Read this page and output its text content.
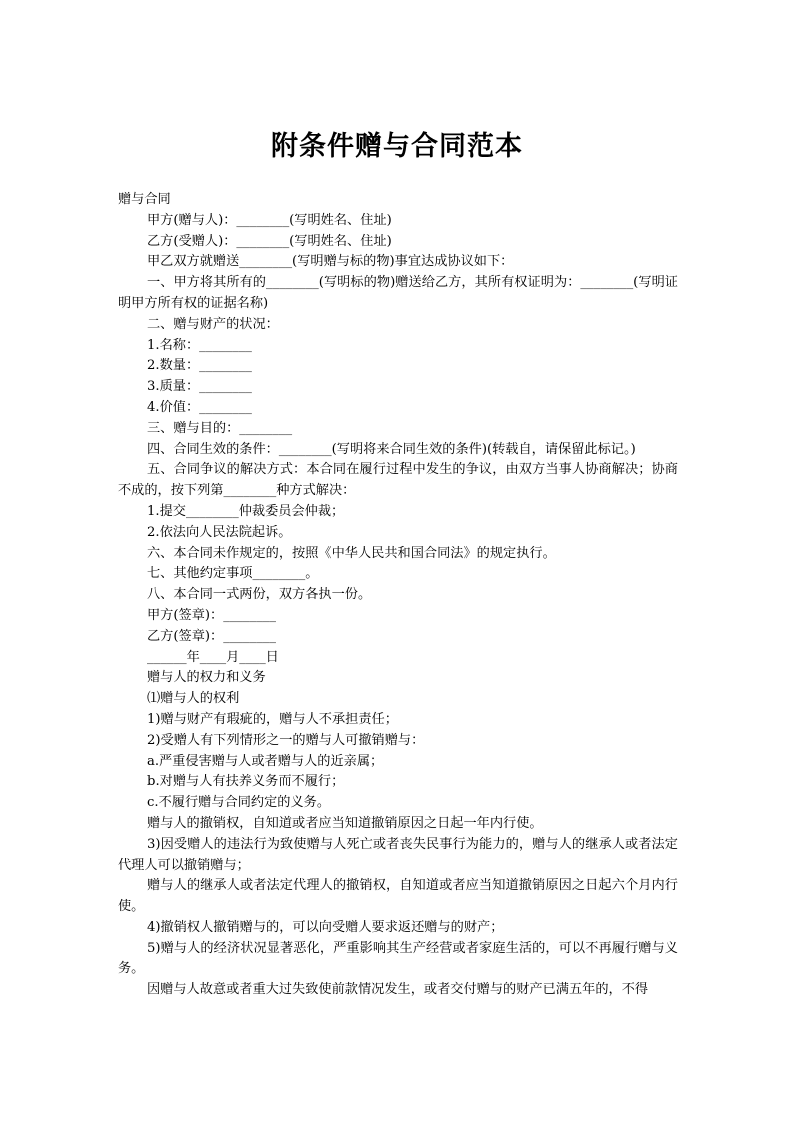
附条件赠与合同范本

赠与合同

甲方(赠与人)：________(写明姓名、住址)

乙方(受赠人)：________(写明姓名、住址)

甲乙双方就赠送________(写明赠与标的物)事宜达成协议如下：

一、甲方将其所有的________(写明标的物)赠送给乙方，其所有权证明为：________(写明证明甲方所有权的证据名称)

二、赠与财产的状况：

1.名称：________

2.数量：________

3.质量：________

4.价值：________

三、赠与目的：________

四、合同生效的条件：________(写明将来合同生效的条件)(转载自，请保留此标记。)

五、合同争议的解决方式：本合同在履行过程中发生的争议，由双方当事人协商解决；协商不成的，按下列第________种方式解决：

1.提交________仲裁委员会仲裁；

2.依法向人民法院起诉。

六、本合同未作规定的，按照《中华人民共和国合同法》的规定执行。

七、其他约定事项________。

八、本合同一式两份，双方各执一份。

甲方(签章)：________

乙方(签章)：________

______年____月____日

赠与人的权力和义务

⑴赠与人的权利

1)赠与财产有瑕疵的，赠与人不承担责任；

2)受赠人有下列情形之一的赠与人可撤销赠与：

a.严重侵害赠与人或者赠与人的近亲属；

b.对赠与人有扶养义务而不履行；

c.不履行赠与合同约定的义务。

赠与人的撤销权，自知道或者应当知道撤销原因之日起一年内行使。

3)因受赠人的违法行为致使赠与人死亡或者丧失民事行为能力的，赠与人的继承人或者法定代理人可以撤销赠与；

赠与人的继承人或者法定代理人的撤销权，自知道或者应当知道撤销原因之日起六个月内行使。

4)撤销权人撤销赠与的，可以向受赠人要求返还赠与的财产；

5)赠与人的经济状况显著恶化，严重影响其生产经营或者家庭生活的，可以不再履行赠与义务。

因赠与人故意或者重大过失致使前款情况发生，或者交付赠与的财产已满五年的，不得
